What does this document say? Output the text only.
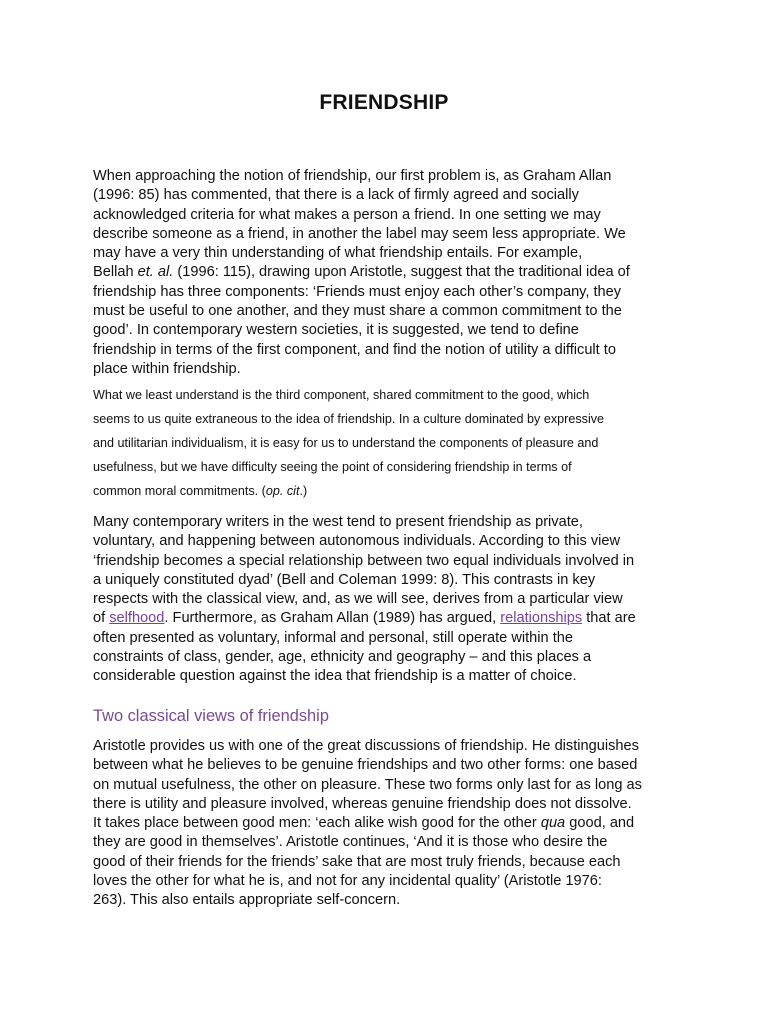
FRIENDSHIP
When approaching the notion of friendship, our first problem is, as Graham Allan
(1996: 85) has commented, that there is a lack of firmly agreed and socially
acknowledged criteria for what makes a person a friend. In one setting we may
describe someone as a friend, in another the label may seem less appropriate. We
may have a very thin understanding of what friendship entails. For example,
Bellah et. al. (1996: 115), drawing upon Aristotle, suggest that the traditional idea of
friendship has three components: ‘Friends must enjoy each other’s company, they
must be useful to one another, and they must share a common commitment to the
good’. In contemporary western societies, it is suggested, we tend to define
friendship in terms of the first component, and find the notion of utility a difficult to
place within friendship.
What we least understand is the third component, shared commitment to the good, which
seems to us quite extraneous to the idea of friendship. In a culture dominated by expressive
and utilitarian individualism, it is easy for us to understand the components of pleasure and
usefulness, but we have difficulty seeing the point of considering friendship in terms of
common moral commitments. (op. cit.)
Many contemporary writers in the west tend to present friendship as private,
voluntary, and happening between autonomous individuals. According to this view
‘friendship becomes a special relationship between two equal individuals involved in
a uniquely constituted dyad’ (Bell and Coleman 1999: 8). This contrasts in key
respects with the classical view, and, as we will see, derives from a particular view
of selfhood. Furthermore, as Graham Allan (1989) has argued, relationships that are
often presented as voluntary, informal and personal, still operate within the
constraints of class, gender, age, ethnicity and geography – and this places a
considerable question against the idea that friendship is a matter of choice.
Two classical views of friendship
Aristotle provides us with one of the great discussions of friendship. He distinguishes
between what he believes to be genuine friendships and two other forms: one based
on mutual usefulness, the other on pleasure. These two forms only last for as long as
there is utility and pleasure involved, whereas genuine friendship does not dissolve.
It takes place between good men: ‘each alike wish good for the other qua good, and
they are good in themselves’. Aristotle continues, ‘And it is those who desire the
good of their friends for the friends’ sake that are most truly friends, because each
loves the other for what he is, and not for any incidental quality’ (Aristotle 1976:
263). This also entails appropriate self-concern.
